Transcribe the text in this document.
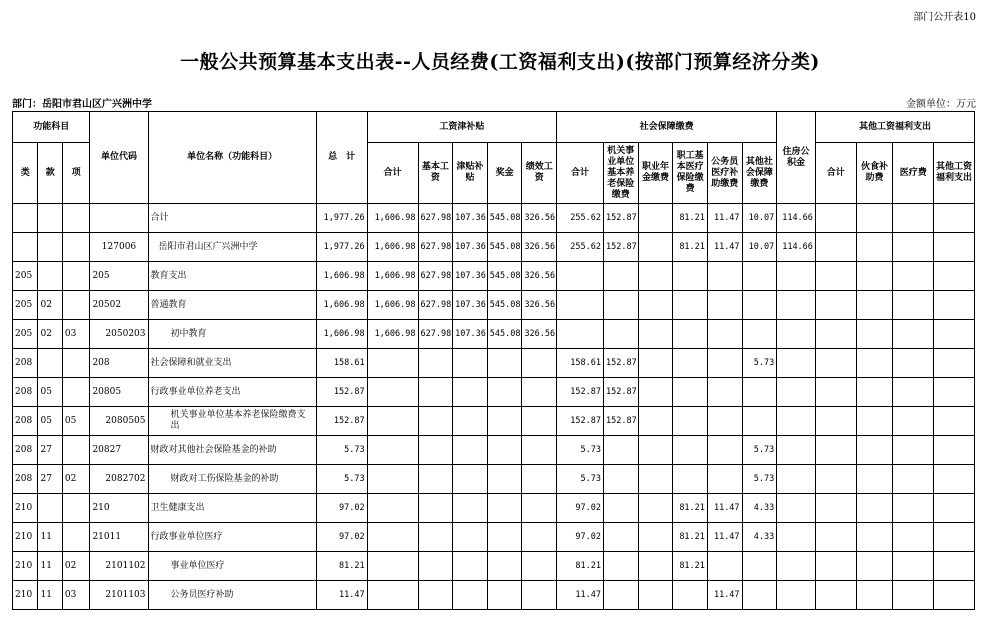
部门公开表10
一般公共预算基本支出表--人员经费(工资福利支出)(按部门预算经济分类)
部门：岳阳市君山区广兴洲中学	金额单位：万元
功能科目			单位代码	单位名称（功能科目）	总　计	工资津补贴					社会保障缴费						住房公积金	其他工资福利支出			
类	款	项				合计	基本工资	津贴补贴	奖金	绩效工资	合计	机关事业单位基本养老保险缴费	职业年金缴费	职工基本医疗保险缴费	公务员医疗补助缴费	其他社会保障缴费		合计	伙食补助费	医疗费	其他工资福利支出
				合计	1,977.26	1,606.98	627.98	107.36	545.08	326.56	255.62	152.87		81.21	11.47	10.07	114.66				
			127006	岳阳市君山区广兴洲中学	1,977.26	1,606.98	627.98	107.36	545.08	326.56	255.62	152.87		81.21	11.47	10.07	114.66				
205			205	教育支出	1,606.98	1,606.98	627.98	107.36	545.08	326.56											
205	02		20502	普通教育	1,606.98	1,606.98	627.98	107.36	545.08	326.56											
205	02	03	2050203	初中教育	1,606.98	1,606.98	627.98	107.36	545.08	326.56											
208			208	社会保障和就业支出	158.61						158.61	152.87				5.73					
208	05		20805	行政事业单位养老支出	152.87						152.87	152.87									
208	05	05	2080505	机关事业单位基本养老保险缴费支出	152.87						152.87	152.87									
208	27		20827	财政对其他社会保险基金的补助	5.73						5.73					5.73					
208	27	02	2082702	财政对工伤保险基金的补助	5.73						5.73					5.73					
210			210	卫生健康支出	97.02						97.02			81.21	11.47	4.33					
210	11		21011	行政事业单位医疗	97.02						97.02			81.21	11.47	4.33					
210	11	02	2101102	事业单位医疗	81.21						81.21			81.21							
210	11	03	2101103	公务员医疗补助	11.47						11.47				11.47						
